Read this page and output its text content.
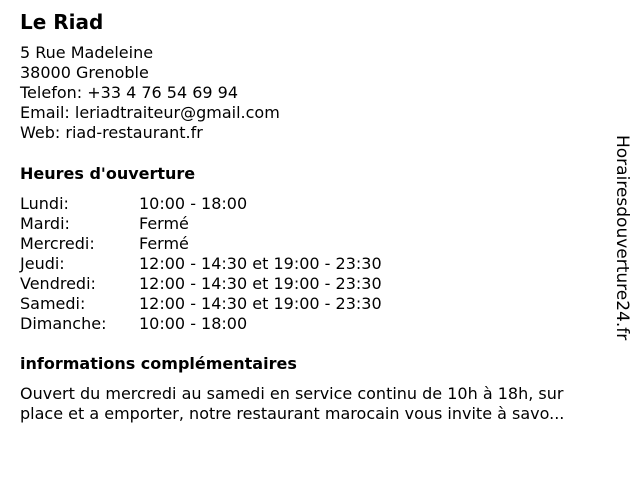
Le Riad
5 Rue Madeleine
38000 Grenoble
Telefon: +33 4 76 54 69 94
Email: leriadtraiteur@gmail.com
Web: riad-restaurant.fr
Heures d'ouverture
Lundi:	10:00 - 18:00
Mardi:	Fermé
Mercredi:	Fermé
Jeudi:	12:00 - 14:30 et 19:00 - 23:30
Vendredi:	12:00 - 14:30 et 19:00 - 23:30
Samedi:	12:00 - 14:30 et 19:00 - 23:30
Dimanche:	10:00 - 18:00
informations complémentaires
Ouvert du mercredi au samedi en service continu de 10h à 18h, sur
place et a emporter, notre restaurant marocain vous invite à savo...
Horairesdouverture24.fr
